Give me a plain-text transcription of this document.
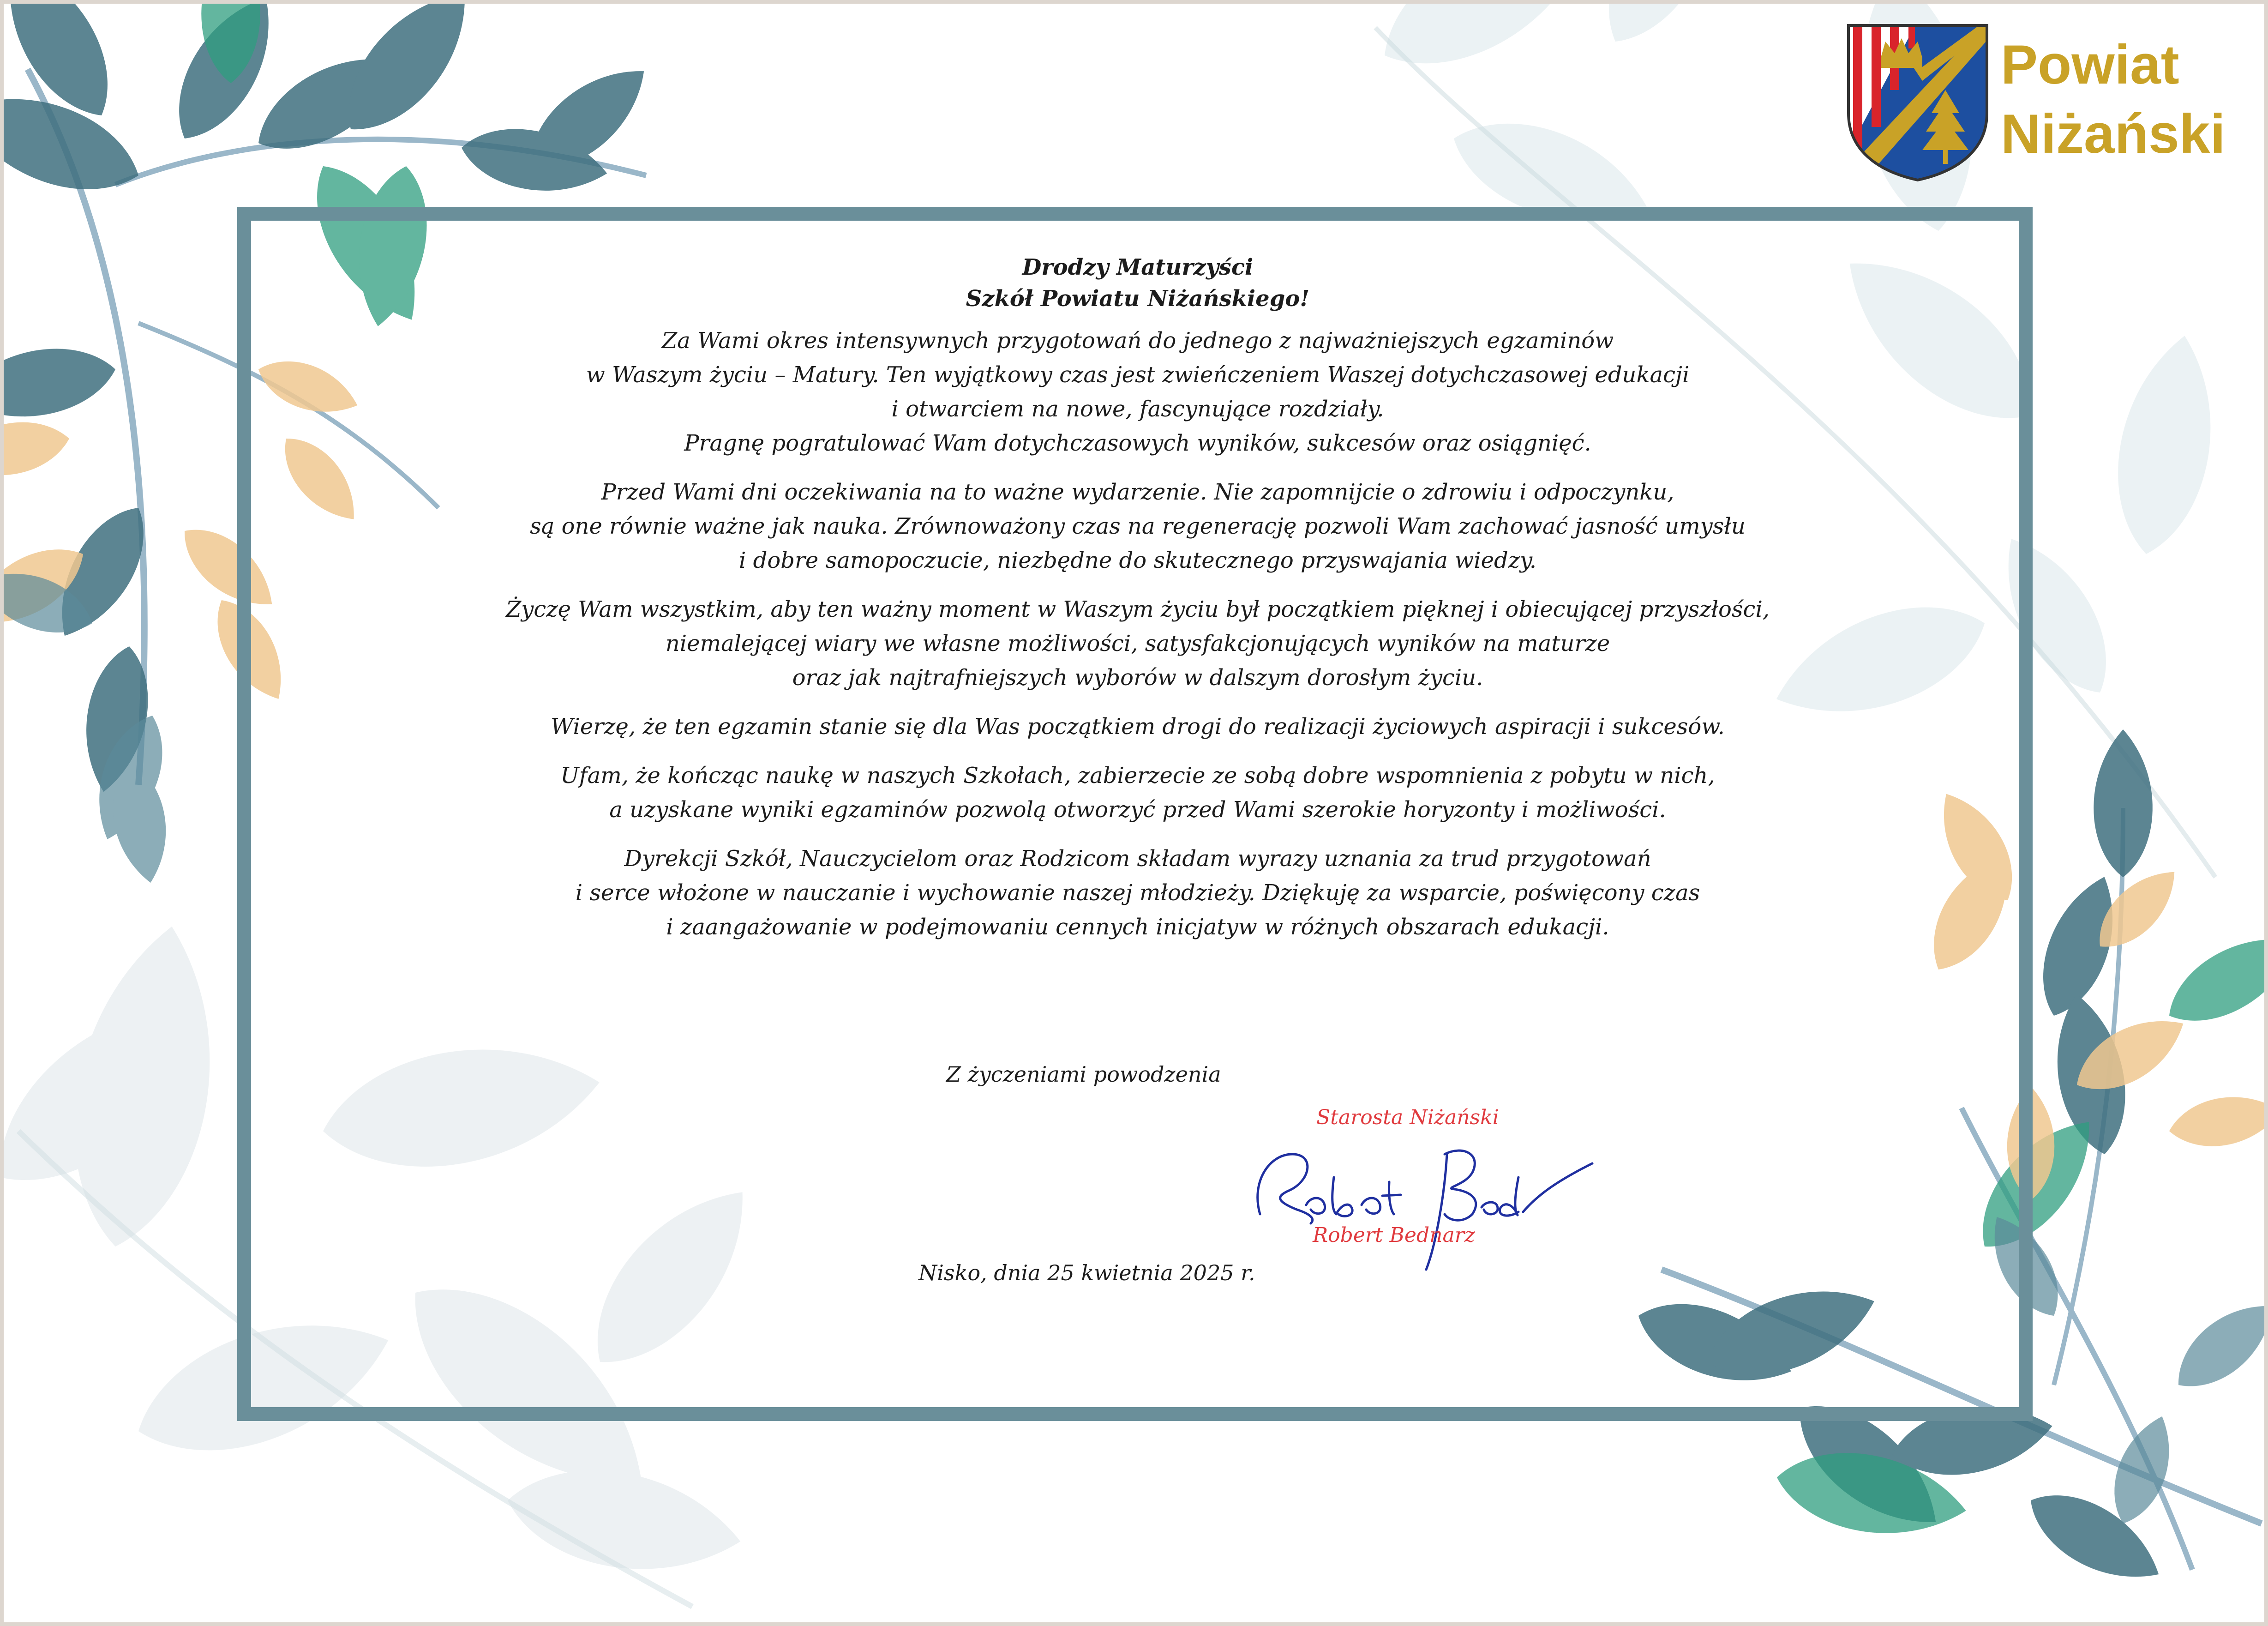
Powiat
Niżański
Drodzy Maturzyści
Szkół Powiatu Niżańskiego!

Za Wami okres intensywnych przygotowań do jednego z najważniejszych egzaminów
w Waszym życiu – Matury. Ten wyjątkowy czas jest zwieńczeniem Waszej dotychczasowej edukacji
i otwarciem na nowe, fascynujące rozdziały.
Pragnę pogratulować Wam dotychczasowych wyników, sukcesów oraz osiągnięć.

Przed Wami dni oczekiwania na to ważne wydarzenie. Nie zapomnijcie o zdrowiu i odpoczynku,
są one równie ważne jak nauka. Zrównoważony czas na regenerację pozwoli Wam zachować jasność umysłu
i dobre samopoczucie, niezbędne do skutecznego przyswajania wiedzy.

Życzę Wam wszystkim, aby ten ważny moment w Waszym życiu był początkiem pięknej i obiecującej przyszłości,
niemalejącej wiary we własne możliwości, satysfakcjonujących wyników na maturze
oraz jak najtrafniejszych wyborów w dalszym dorosłym życiu.

Wierzę, że ten egzamin stanie się dla Was początkiem drogi do realizacji życiowych aspiracji i sukcesów.

Ufam, że kończąc naukę w naszych Szkołach, zabierzecie ze sobą dobre wspomnienia z pobytu w nich,
a uzyskane wyniki egzaminów pozwolą otworzyć przed Wami szerokie horyzonty i możliwości.

Dyrekcji Szkół, Nauczycielom oraz Rodzicom składam wyrazy uznania za trud przygotowań
i serce włożone w nauczanie i wychowanie naszej młodzieży. Dziękuję za wsparcie, poświęcony czas
i zaangażowanie w podejmowaniu cennych inicjatyw w różnych obszarach edukacji.

Z życzeniami powodzenia
Starosta Niżański
Robert Bednarz
Nisko, dnia 25 kwietnia 2025 r.
